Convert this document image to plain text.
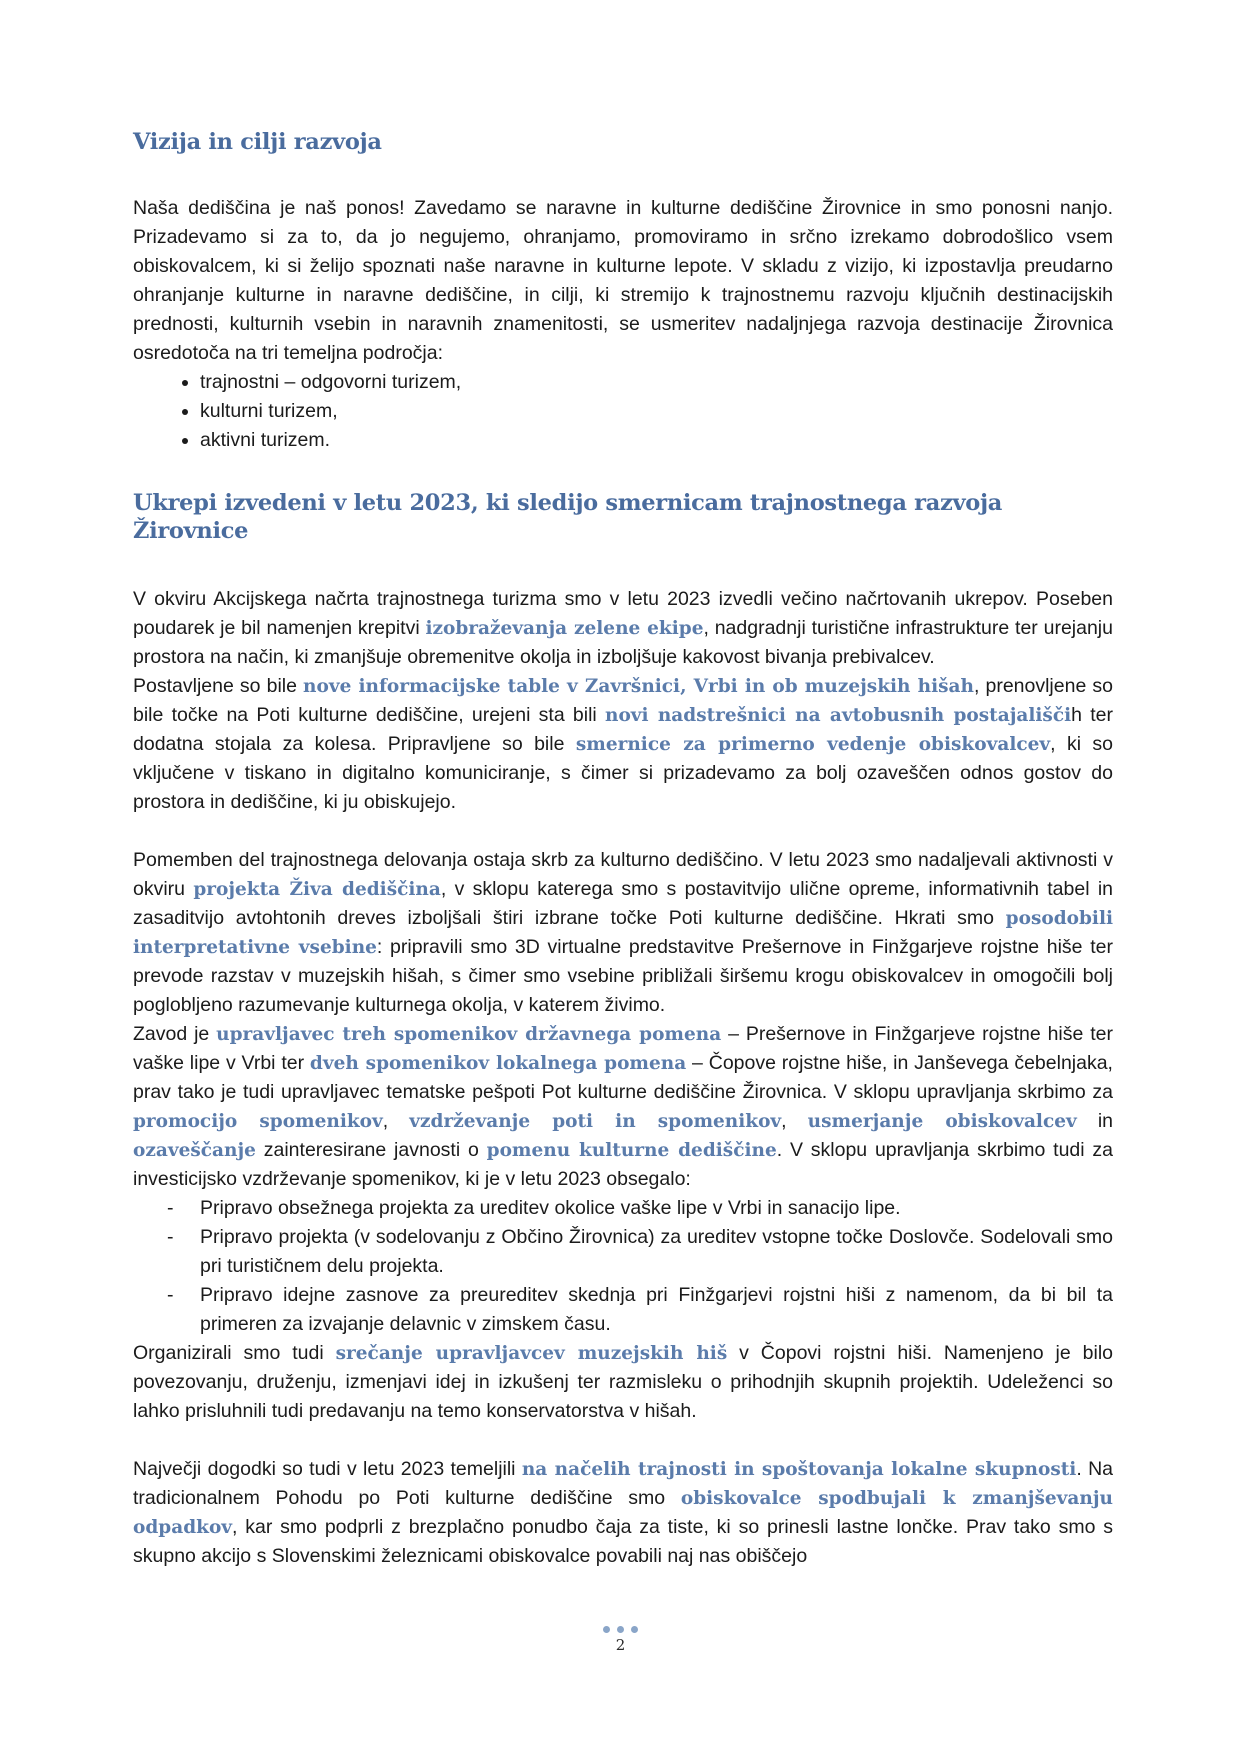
Vizija in cilji razvoja

Naša dediščina je naš ponos! Zavedamo se naravne in kulturne dediščine Žirovnice in smo ponosni nanjo. Prizadevamo si za to, da jo negujemo, ohranjamo, promoviramo in srčno izrekamo dobrodošlico vsem obiskovalcem, ki si želijo spoznati naše naravne in kulturne lepote. V skladu z vizijo, ki izpostavlja preudarno ohranjanje kulturne in naravne dediščine, in cilji, ki stremijo k trajnostnemu razvoju ključnih destinacijskih prednosti, kulturnih vsebin in naravnih znamenitosti, se usmeritev nadaljnjega razvoja destinacije Žirovnica osredotoča na tri temeljna področja:

• trajnostni – odgovorni turizem,
• kulturni turizem,
• aktivni turizem.
Ukrepi izvedeni v letu 2023, ki sledijo smernicam trajnostnega razvoja Žirovnice

V okviru Akcijskega načrta trajnostnega turizma smo v letu 2023 izvedli večino načrtovanih ukrepov. Poseben poudarek je bil namenjen krepitvi izobraževanja zelene ekipe, nadgradnji turistične infrastrukture ter urejanju prostora na način, ki zmanjšuje obremenitve okolja in izboljšuje kakovost bivanja prebivalcev.

Postavljene so bile nove informacijske table v Završnici, Vrbi in ob muzejskih hišah, prenovljene so bile točke na Poti kulturne dediščine, urejeni sta bili novi nadstrešnici na avtobusnih postajališčih ter dodatna stojala za kolesa. Pripravljene so bile smernice za primerno vedenje obiskovalcev, ki so vključene v tiskano in digitalno komuniciranje, s čimer si prizadevamo za bolj ozaveščen odnos gostov do prostora in dediščine, ki ju obiskujejo.

Pomemben del trajnostnega delovanja ostaja skrb za kulturno dediščino. V letu 2023 smo nadaljevali aktivnosti v okviru projekta Živa dediščina, v sklopu katerega smo s postavitvijo ulične opreme, informativnih tabel in zasaditvijo avtohtonih dreves izboljšali štiri izbrane točke Poti kulturne dediščine. Hkrati smo posodobili interpretativne vsebine: pripravili smo 3D virtualne predstavitve Prešernove in Finžgarjeve rojstne hiše ter prevode razstav v muzejskih hišah, s čimer smo vsebine približali širšemu krogu obiskovalcev in omogočili bolj poglobljeno razumevanje kulturnega okolja, v katerem živimo.

Zavod je upravljavec treh spomenikov državnega pomena – Prešernove in Finžgarjeve rojstne hiše ter vaške lipe v Vrbi ter dveh spomenikov lokalnega pomena – Čopove rojstne hiše, in Janševega čebelnjaka, prav tako je tudi upravljavec tematske pešpoti Pot kulturne dediščine Žirovnica. V sklopu upravljanja skrbimo za promocijo spomenikov, vzdrževanje poti in spomenikov, usmerjanje obiskovalcev in ozaveščanje zainteresirane javnosti o pomenu kulturne dediščine. V sklopu upravljanja skrbimo tudi za investicijsko vzdrževanje spomenikov, ki je v letu 2023 obsegalo:

- Pripravo obsežnega projekta za ureditev okolice vaške lipe v Vrbi in sanacijo lipe.
- Pripravo projekta (v sodelovanju z Občino Žirovnica) za ureditev vstopne točke Doslovče. Sodelovali smo pri turističnem delu projekta.
- Pripravo idejne zasnove za preureditev skednja pri Finžgarjevi rojstni hiši z namenom, da bi bil ta primeren za izvajanje delavnic v zimskem času.

Organizirali smo tudi srečanje upravljavcev muzejskih hiš v Čopovi rojstni hiši. Namenjeno je bilo povezovanju, druženju, izmenjavi idej in izkušenj ter razmisleku o prihodnjih skupnih projektih. Udeleženci so lahko prisluhnili tudi predavanju na temo konservatorstva v hišah.

Največji dogodki so tudi v letu 2023 temeljili na načelih trajnosti in spoštovanja lokalne skupnosti. Na tradicionalnem Pohodu po Poti kulturne dediščine smo obiskovalce spodbujali k zmanjševanju odpadkov, kar smo podprli z brezplačno ponudbo čaja za tiste, ki so prinesli lastne lončke. Prav tako smo s skupno akcijo s Slovenskimi železnicami obiskovalce povabili naj nas obiščejo

2
